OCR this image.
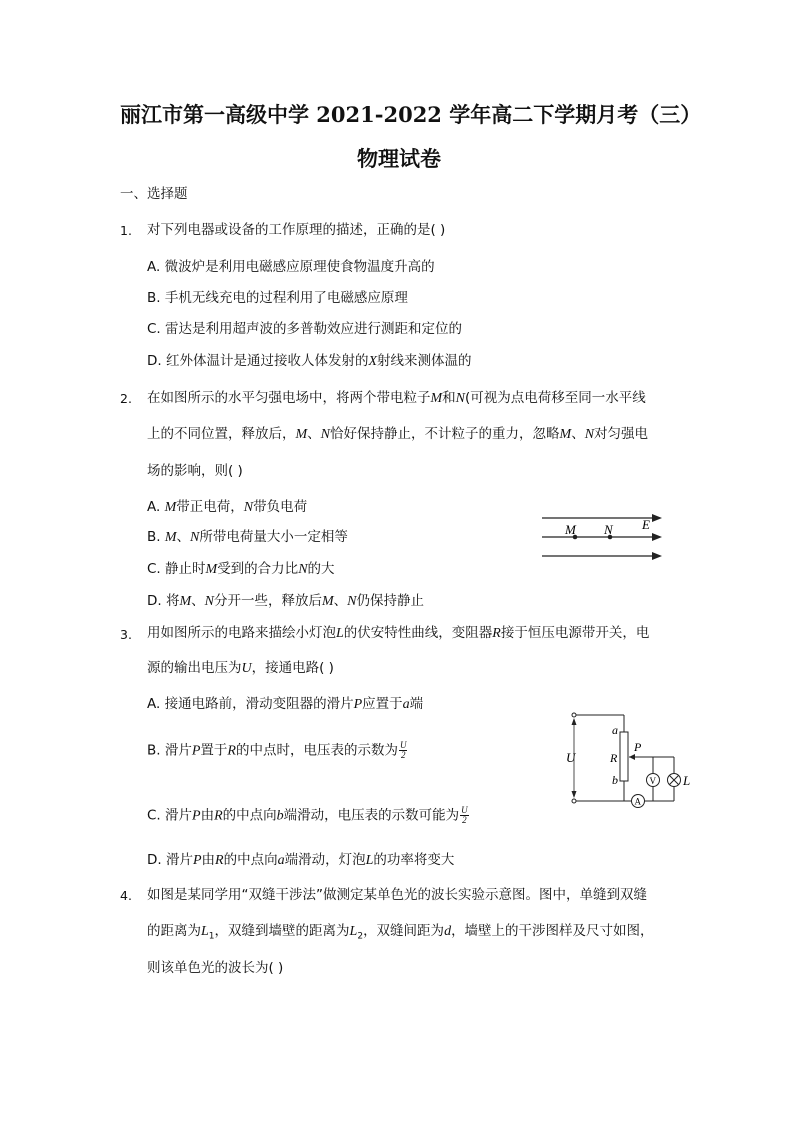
丽江市第一高级中学 2021-2022 学年高二下学期月考（三）
物理试卷
一、选择题
1. 对下列电器或设备的工作原理的描述，正确的是( )
A. 微波炉是利用电磁感应原理使食物温度升高的
B. 手机无线充电的过程利用了电磁感应原理
C. 雷达是利用超声波的多普勒效应进行测距和定位的
D. 红外体温计是通过接收人体发射的X射线来测体温的
2. 在如图所示的水平匀强电场中，将两个带电粒子M和N(可视为点电荷移至同一水平线
上的不同位置，释放后，M、N恰好保持静止，不计粒子的重力，忽略M、N对匀强电
场的影响，则( )
A. M带正电荷，N带负电荷
B. M、N所带电荷量大小一定相等
C. 静止时M受到的合力比N的大
D. 将M、N分开一些，释放后M、N仍保持静止
M N E
3. 用如图所示的电路来描绘小灯泡L的伏安特性曲线，变阻器R接于恒压电源带开关，电
源的输出电压为U，接通电路( )
A. 接通电路前，滑动变阻器的滑片P应置于a端
B. 滑片P置于R的中点时，电压表的示数为 $\frac{U}{2}$
C. 滑片P由R的中点向b端滑动，电压表的示数可能为 $\frac{U}{2}$
D. 滑片P由R的中点向a端滑动，灯泡L的功率将变大
U
a
R
b
P
V L
A
4. 如图是某同学用“双缝干涉法”做测定某单色光的波长实验示意图。图中，单缝到双缝
的距离为$L_1$，双缝到墙壁的距离为$L_2$，双缝间距为d，墙壁上的干涉图样及尺寸如图，
则该单色光的波长为( )
